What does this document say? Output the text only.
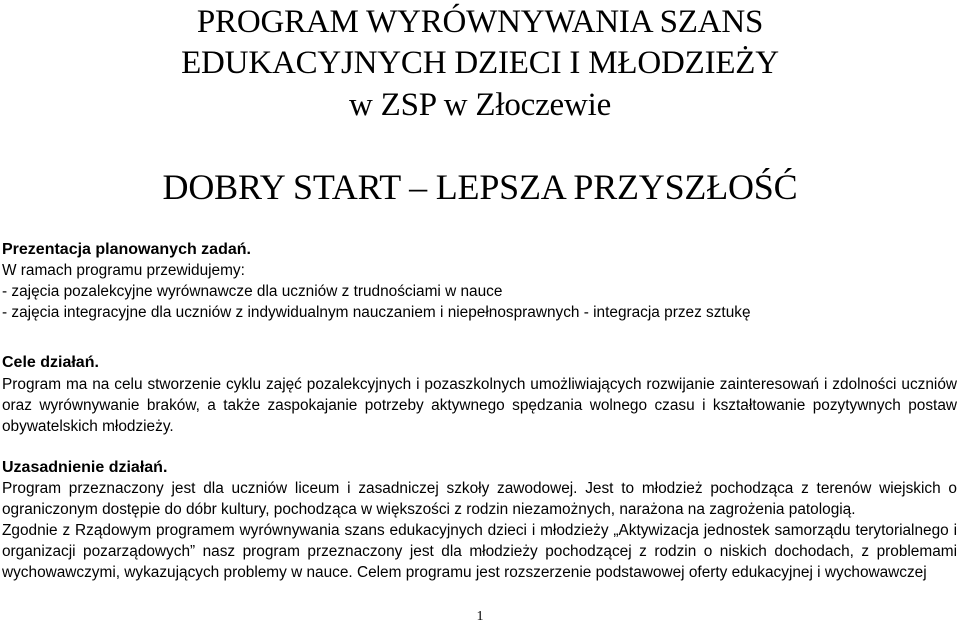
PROGRAM WYRÓWNYWANIA SZANS
EDUKACYJNYCH DZIECI I MŁODZIEŻY
w ZSP w Złoczewie
DOBRY START – LEPSZA PRZYSZŁOŚĆ
Prezentacja planowanych zadań.
W ramach programu przewidujemy:
- zajęcia pozalekcyjne wyrównawcze dla uczniów z trudnościami w nauce
- zajęcia integracyjne dla uczniów z indywidualnym nauczaniem i niepełnosprawnych - integracja przez sztukę
Cele działań.
Program ma na celu stworzenie cyklu zajęć pozalekcyjnych i pozaszkolnych umożliwiających rozwijanie zainteresowań i zdolności uczniów oraz wyrównywanie braków, a także zaspokajanie potrzeby aktywnego spędzania wolnego czasu i kształtowanie pozytywnych postaw obywatelskich młodzieży.
Uzasadnienie działań.
Program przeznaczony jest dla uczniów liceum i zasadniczej szkoły zawodowej. Jest to młodzież pochodząca z terenów wiejskich o ograniczonym dostępie do dóbr kultury, pochodząca w większości z rodzin niezamożnych, narażona na zagrożenia patologią.
Zgodnie z Rządowym programem wyrównywania szans edukacyjnych dzieci i młodzieży „Aktywizacja jednostek samorządu terytorialnego i organizacji pozarządowych” nasz program przeznaczony jest dla młodzieży pochodzącej z rodzin o niskich dochodach, z problemami wychowawczymi, wykazujących problemy w nauce. Celem programu jest rozszerzenie podstawowej oferty edukacyjnej i wychowawczej
1
